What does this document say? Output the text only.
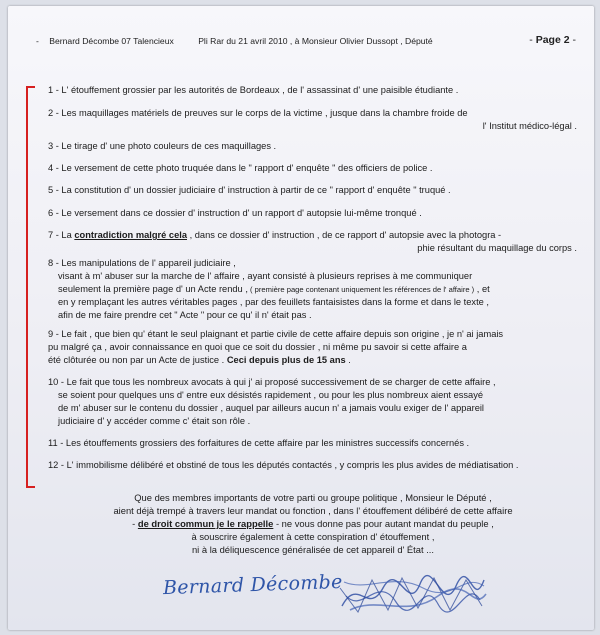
- Bernard Décombe 07 Talencieux	Pli Rar du 21 avril 2010 , à Monsieur Olivier Dussopt , Député	- Page 2 -
1 - L' étouffement grossier par les autorités de Bordeaux , de l' assassinat d' une paisible étudiante .
2 - Les maquillages matériels de preuves sur le corps de la victime , jusque dans la chambre froide de
l' Institut médico-légal .
3 - Le tirage d' une photo couleurs de ces maquillages .
4 - Le versement de cette photo truquée dans le " rapport d' enquête " des officiers de police .
5 - La constitution d' un dossier judiciaire d' instruction à partir de ce " rapport d' enquête " truqué .
6 - Le versement dans ce dossier d' instruction d' un rapport d' autopsie lui-même tronqué .
7 - La contradiction malgré cela , dans ce dossier d' instruction , de ce rapport d' autopsie avec la photogra -
phie résultant du maquillage du corps .
8 - Les manipulations de l' appareil judiciaire ,
visant à m' abuser sur la marche de l' affaire , ayant consisté à plusieurs reprises à me communiquer
seulement la première page d' un Acte rendu , ( première page contenant uniquement les références de l' affaire ) , et
en y remplaçant les autres véritables pages , par des feuillets fantaisistes dans la forme et dans le texte ,
afin de me faire prendre cet " Acte " pour ce qu' il n' était pas .
9 - Le fait , que bien qu' étant le seul plaignant et partie civile de cette affaire depuis son origine , je n' ai jamais
pu malgré ça , avoir connaissance en quoi que ce soit du dossier , ni même pu savoir si cette affaire a
été clôturée ou non par un Acte de justice . Ceci depuis plus de 15 ans .
10 - Le fait que tous les nombreux avocats à qui j' ai proposé successivement de se charger de cette affaire ,
se soient pour quelques uns d' entre eux désistés rapidement , ou pour les plus nombreux aient essayé
de m' abuser sur le contenu du dossier , auquel par ailleurs aucun n' a jamais voulu exiger de l' appareil
judiciaire d' y accéder comme c' était son rôle .
11 - Les étouffements grossiers des forfaitures de cette affaire par les ministres successifs concernés .
12 - L' immobilisme délibéré et obstiné de tous les députés contactés , y compris les plus avides de médiatisation .
Que des membres importants de votre parti ou groupe politique , Monsieur le Député ,
aient déjà trempé à travers leur mandat ou fonction , dans l' étouffement délibéré de cette affaire
- de droit commun je le rappelle - ne vous donne pas pour autant mandat du peuple ,
à souscrire également à cette conspiration d' étouffement ,
ni à la déliquescence généralisée de cet appareil d' État ...
Bernard Décombe
